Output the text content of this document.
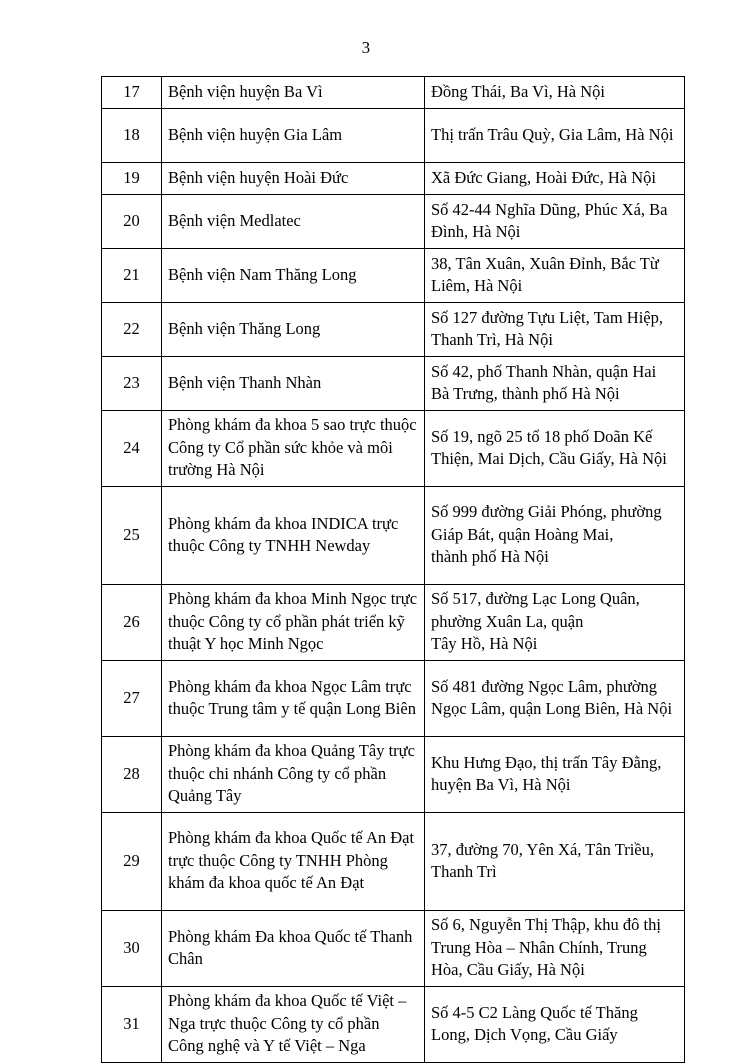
3
17	Bệnh viện huyện Ba Vì	Đồng Thái, Ba Vì, Hà Nội
18	Bệnh viện huyện Gia Lâm	Thị trấn Trâu Quỳ, Gia Lâm, Hà Nội
19	Bệnh viện huyện Hoài Đức	Xã Đức Giang, Hoài Đức, Hà Nội
20	Bệnh viện Medlatec	Số 42-44 Nghĩa Dũng, Phúc Xá, Ba Đình, Hà Nội
21	Bệnh viện Nam Thăng Long	38, Tân Xuân, Xuân Đỉnh, Bắc Từ Liêm, Hà Nội
22	Bệnh viện Thăng Long	Số 127 đường Tựu Liệt, Tam Hiệp, Thanh Trì, Hà Nội
23	Bệnh viện Thanh Nhàn	Số 42, phố Thanh Nhàn, quận Hai Bà Trưng, thành phố Hà Nội
24	Phòng khám đa khoa 5 sao trực thuộc Công ty Cổ phần sức khỏe và môi trường Hà Nội	Số 19, ngõ 25 tổ 18 phố Doãn Kế Thiện, Mai Dịch, Cầu Giấy, Hà Nội
25	Phòng khám đa khoa INDICA trực thuộc Công ty TNHH Newday	Số 999 đường Giải Phóng, phường Giáp Bát, quận Hoàng Mai,
thành phố Hà Nội
26	Phòng khám đa khoa Minh Ngọc trực thuộc Công ty cổ phần phát triển kỹ thuật Y học Minh Ngọc	Số 517, đường Lạc Long Quân, phường Xuân La, quận
Tây Hồ, Hà Nội
27	Phòng khám đa khoa Ngọc Lâm trực thuộc Trung tâm y tế quận Long Biên	Số 481 đường Ngọc Lâm, phường Ngọc Lâm, quận Long Biên, Hà Nội
28	Phòng khám đa khoa Quảng Tây trực thuộc chi nhánh Công ty cổ phần Quảng Tây	Khu Hưng Đạo, thị trấn Tây Đằng, huyện Ba Vì, Hà Nội
29	Phòng khám đa khoa Quốc tế An Đạt trực thuộc Công ty TNHH Phòng khám đa khoa quốc tế An Đạt	37, đường 70, Yên Xá, Tân Triều, Thanh Trì
30	Phòng khám Đa khoa Quốc tế Thanh Chân	Số 6, Nguyễn Thị Thập, khu đô thị Trung Hòa – Nhân Chính, Trung Hòa, Cầu Giấy, Hà Nội
31	Phòng khám đa khoa Quốc tế Việt – Nga trực thuộc Công ty cổ phần Công nghệ và Y tế Việt – Nga	Số 4-5 C2 Làng Quốc tế Thăng Long, Dịch Vọng, Cầu Giấy
